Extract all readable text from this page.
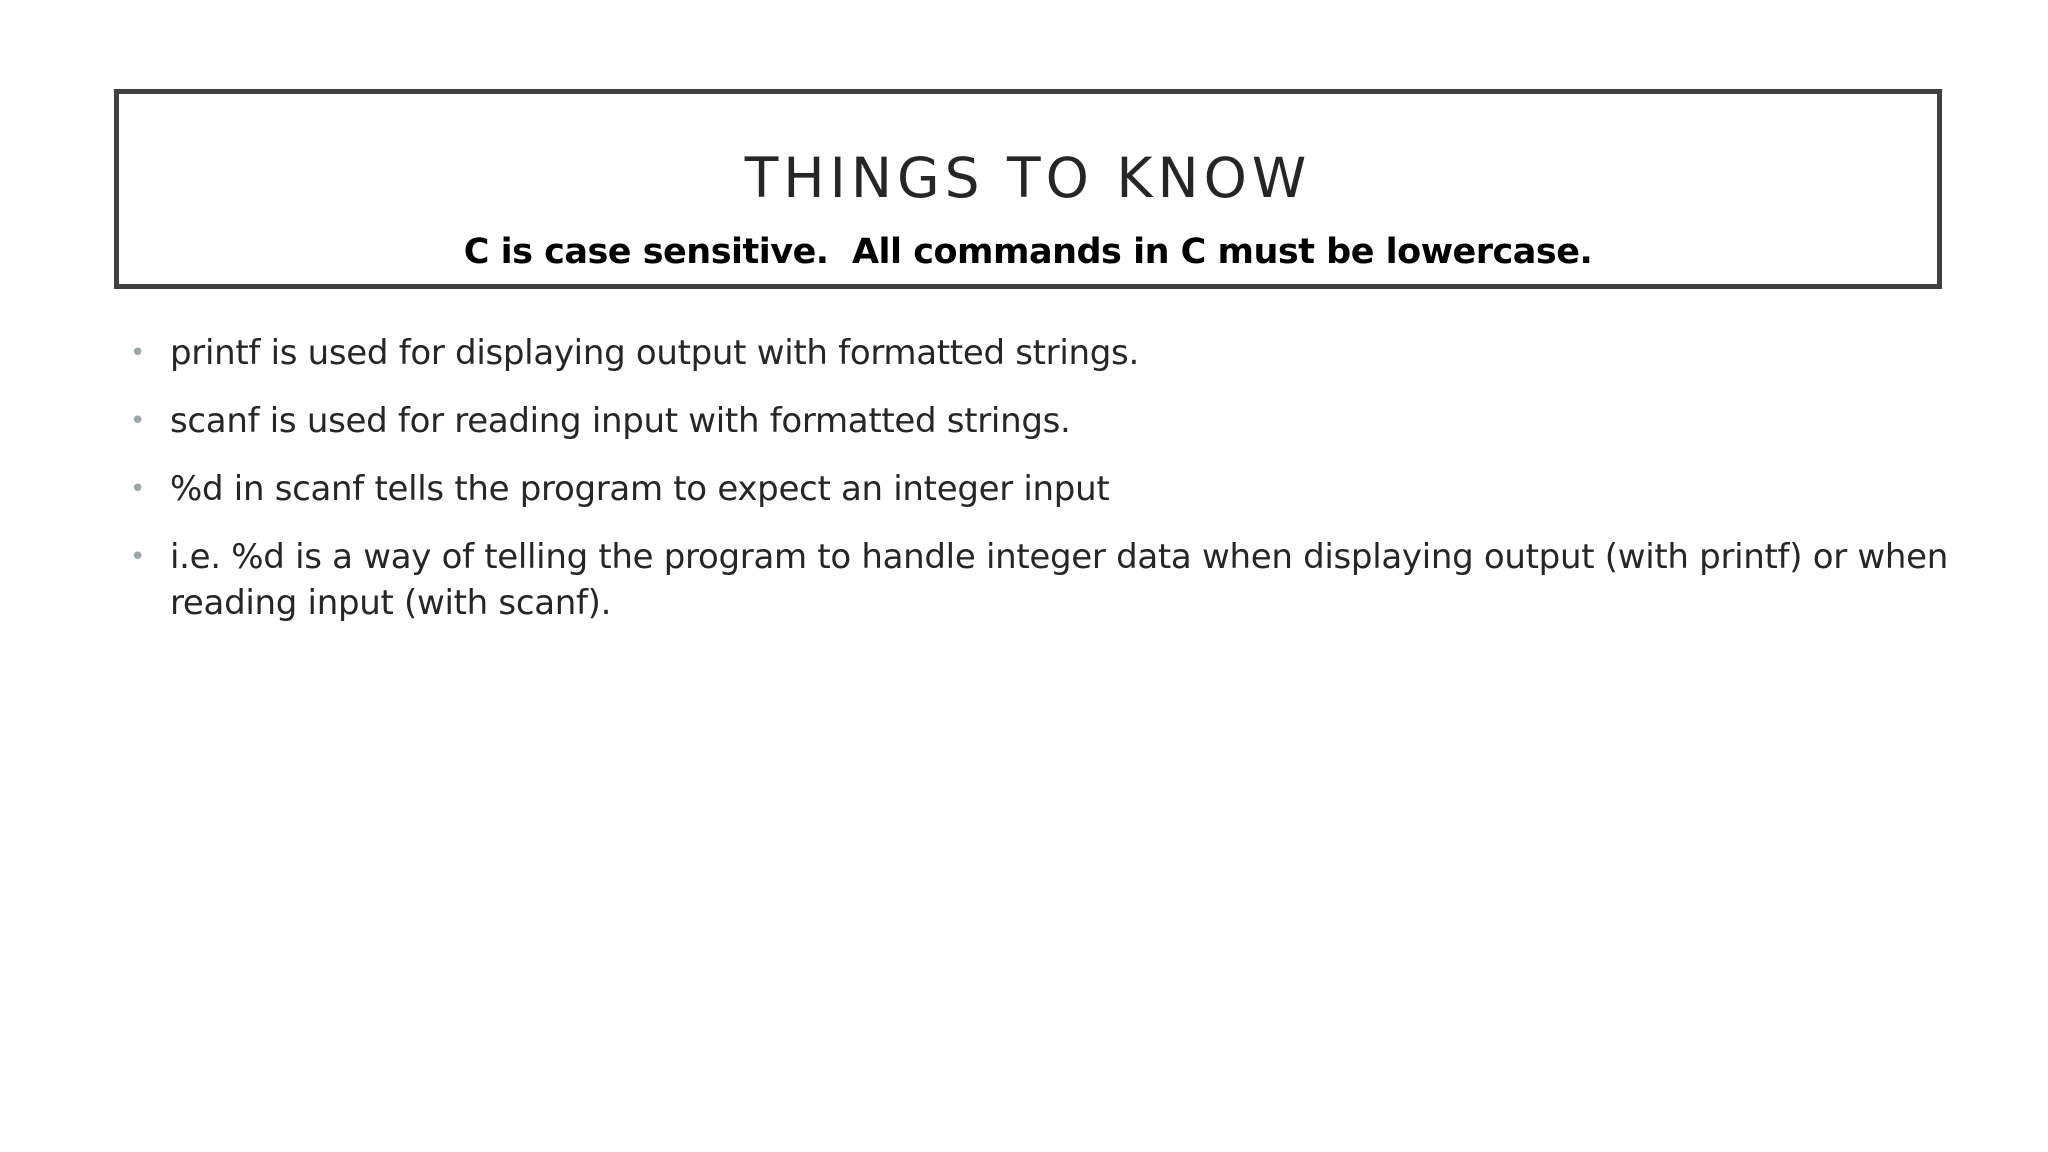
THINGS TO KNOW
C is case sensitive.  All commands in C must be lowercase.
• printf is used for displaying output with formatted strings.
• scanf is used for reading input with formatted strings.
• %d in scanf tells the program to expect an integer input
• i.e. %d is a way of telling the program to handle integer data when displaying output (with printf) or when reading input (with scanf).
